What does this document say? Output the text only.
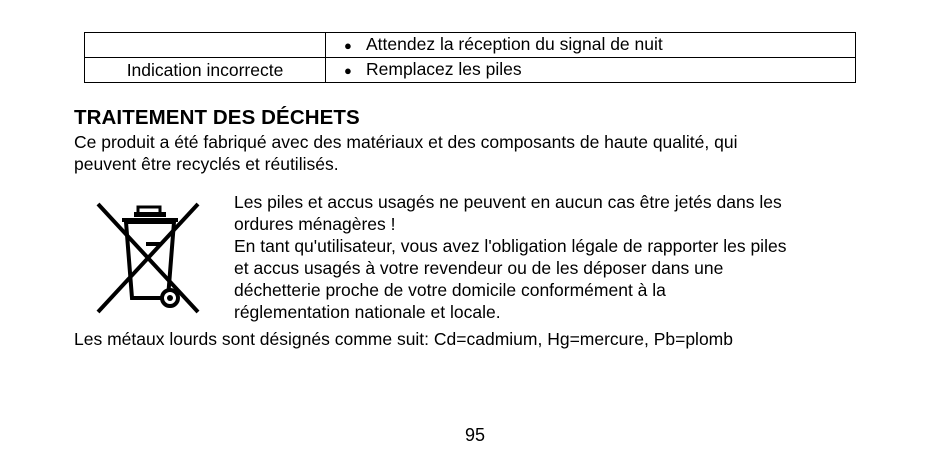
	● Attendez la réception du signal de nuit
Indication incorrecte	● Remplacez les piles
TRAITEMENT DES DÉCHETS
Ce produit a été fabriqué avec des matériaux et des composants de haute qualité, qui
peuvent être recyclés et réutilisés.
Les piles et accus usagés ne peuvent en aucun cas être jetés dans les
ordures ménagères !
En tant qu'utilisateur, vous avez l'obligation légale de rapporter les piles
et accus usagés à votre revendeur ou de les déposer dans une
déchetterie proche de votre domicile conformément à la
réglementation nationale et locale.
Les métaux lourds sont désignés comme suit: Cd=cadmium, Hg=mercure, Pb=plomb
95
